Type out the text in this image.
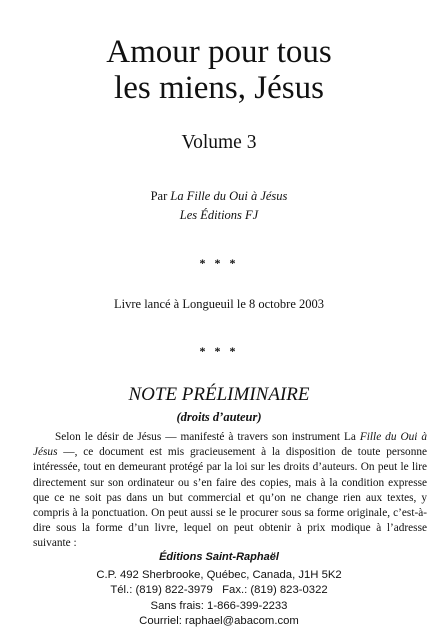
Amour pour tous
les miens, Jésus
Volume 3
Par La Fille du Oui à Jésus
Les Éditions FJ
* * *
Livre lancé à Longueuil le 8 octobre 2003
* * *
NOTE PRÉLIMINAIRE
(droits d’auteur)

Selon le désir de Jésus — manifesté à travers son instrument La Fille du Oui à Jésus —, ce document est mis gracieusement à la disposition de toute personne intéressée, tout en demeurant protégé par la loi sur les droits d’auteurs. On peut le lire directement sur son ordinateur ou s’en faire des copies, mais à la condition expresse que ce ne soit pas dans un but commercial et qu’on ne change rien aux textes, y compris à la ponctuation. On peut aussi se le procurer sous sa forme originale, c’est-à-dire sous la forme d’un livre, lequel on peut obtenir à prix modique à l’adresse suivante :

Éditions Saint-Raphaël
C.P. 492 Sherbrooke, Québec, Canada, J1H 5K2
Tél.: (819) 822-3979   Fax.: (819) 823-0322
Sans frais: 1-866-399-2233
Courriel: raphael@abacom.com
